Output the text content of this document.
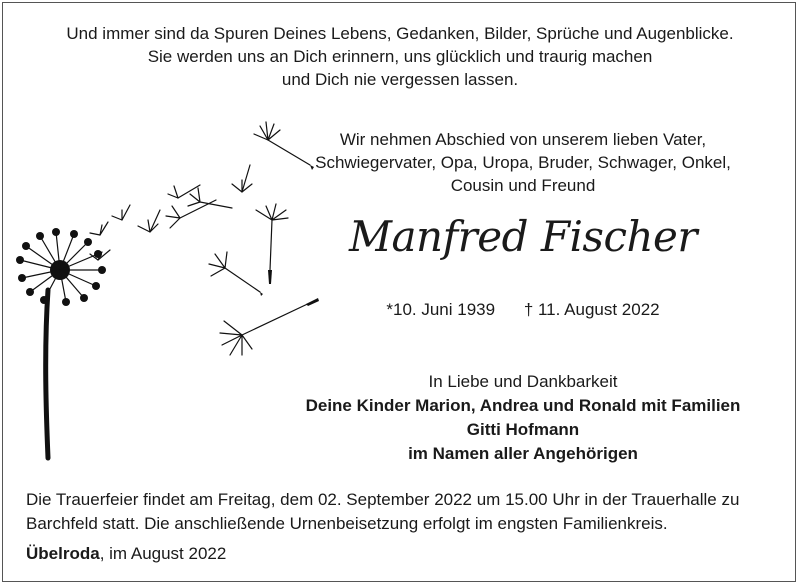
Und immer sind da Spuren Deines Lebens, Gedanken, Bilder, Sprüche und Augenblicke.
Sie werden uns an Dich erinnern, uns glücklich und traurig machen
und Dich nie vergessen lassen.
Wir nehmen Abschied von unserem lieben Vater,
Schwiegervater, Opa, Uropa, Bruder, Schwager, Onkel,
Cousin und Freund
Manfred Fischer
*10. Juni 1939 † 11. August 2022
In Liebe und Dankbarkeit
Deine Kinder Marion, Andrea und Ronald mit Familien
Gitti Hofmann
im Namen aller Angehörigen
Die Trauerfeier findet am Freitag, dem 02. September 2022 um 15.00 Uhr in der Trauerhalle zu
Barchfeld statt. Die anschließende Urnenbeisetzung erfolgt im engsten Familienkreis.
Übelroda, im August 2022
